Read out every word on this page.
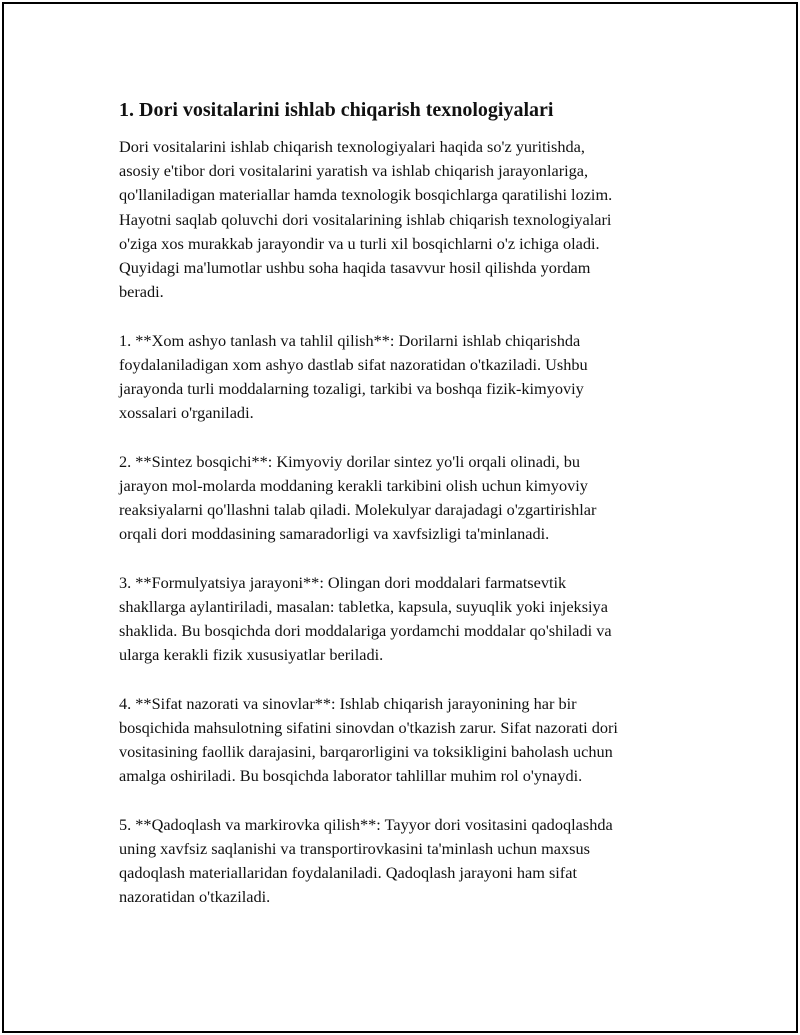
1. Dori vositalarini ishlab chiqarish texnologiyalari

Dori vositalarini ishlab chiqarish texnologiyalari haqida so'z yuritishda,
asosiy e'tibor dori vositalarini yaratish va ishlab chiqarish jarayonlariga,
qo'llaniladigan materiallar hamda texnologik bosqichlarga qaratilishi lozim.
Hayotni saqlab qoluvchi dori vositalarining ishlab chiqarish texnologiyalari
o'ziga xos murakkab jarayondir va u turli xil bosqichlarni o'z ichiga oladi.
Quyidagi ma'lumotlar ushbu soha haqida tasavvur hosil qilishda yordam
beradi.

1. **Xom ashyo tanlash va tahlil qilish**: Dorilarni ishlab chiqarishda
foydalaniladigan xom ashyo dastlab sifat nazoratidan o'tkaziladi. Ushbu
jarayonda turli moddalarning tozaligi, tarkibi va boshqa fizik-kimyoviy
xossalari o'rganiladi.

2. **Sintez bosqichi**: Kimyoviy dorilar sintez yo'li orqali olinadi, bu
jarayon mol-molarda moddaning kerakli tarkibini olish uchun kimyoviy
reaksiyalarni qo'llashni talab qiladi. Molekulyar darajadagi o'zgartirishlar
orqali dori moddasining samaradorligi va xavfsizligi ta'minlanadi.

3. **Formulyatsiya jarayoni**: Olingan dori moddalari farmatsevtik
shakllarga aylantiriladi, masalan: tabletka, kapsula, suyuqlik yoki injeksiya
shaklida. Bu bosqichda dori moddalariga yordamchi moddalar qo'shiladi va
ularga kerakli fizik xususiyatlar beriladi.

4. **Sifat nazorati va sinovlar**: Ishlab chiqarish jarayonining har bir
bosqichida mahsulotning sifatini sinovdan o'tkazish zarur. Sifat nazorati dori
vositasining faollik darajasini, barqarorligini va toksikligini baholash uchun
amalga oshiriladi. Bu bosqichda laborator tahlillar muhim rol o'ynaydi.

5. **Qadoqlash va markirovka qilish**: Tayyor dori vositasini qadoqlashda
uning xavfsiz saqlanishi va transportirovkasini ta'minlash uchun maxsus
qadoqlash materiallaridan foydalaniladi. Qadoqlash jarayoni ham sifat
nazoratidan o'tkaziladi.
